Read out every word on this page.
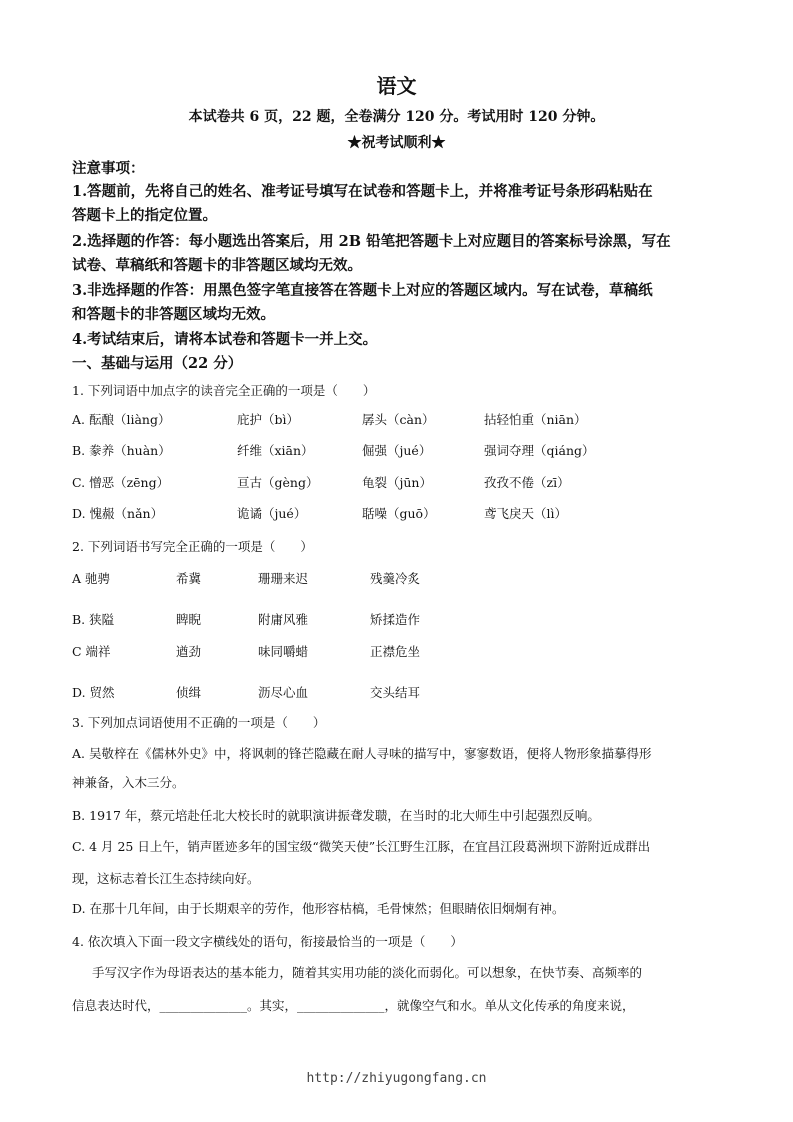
语文
本试卷共 6 页，22 题，全卷满分 120 分。考试用时 120 分钟。
★祝考试顺利★
注意事项：
1.答题前，先将自己的姓名、准考证号填写在试卷和答题卡上，并将准考证号条形码粘贴在
答题卡上的指定位置。
2.选择题的作答：每小题选出答案后，用 2B 铅笔把答题卡上对应题目的答案标号涂黑，写在
试卷、草稿纸和答题卡的非答题区域均无效。
3.非选择题的作答：用黑色签字笔直接答在答题卡上对应的答题区域内。写在试卷，草稿纸
和答题卡的非答题区域均无效。
4.考试结束后，请将本试卷和答题卡一并上交。
一、基础与运用（22 分）
1. 下列词语中加点字的读音完全正确的一项是（　　）
A. 酝酿（liàng）	庇护（bì）	孱头（càn）	拈轻怕重（niān）
B. 豢养（huàn）	纤维（xiān）	倔强（jué）	强词夺理（qiáng）
C. 憎恶（zēng）	亘古（gèng）	龟裂（jūn）	孜孜不倦（zī）
D. 愧赧（nǎn）	诡谲（jué）	聒噪（guō）	鸢飞戾天（lì）
2. 下列词语书写完全正确的一项是（　　）
A 驰骋	希冀	珊珊来迟	残羹冷炙
B. 狭隘	睥睨	附庸风雅	矫揉造作
C 端祥	遒劲	味同嚼蜡	正襟危坐
D. 贸然	侦缉	沥尽心血	交头结耳
3. 下列加点词语使用不正确的一项是（　　）
A. 吴敬梓在《儒林外史》中，将讽刺的锋芒隐藏在耐人寻味的描写中，寥寥数语，便将人物形象描摹得形
神兼备，入木三分。
B. 1917 年，蔡元培赴任北大校长时的就职演讲振聋发聩，在当时的北大师生中引起强烈反响。
C. 4 月 25 日上午，销声匿迹多年的国宝级“微笑天使”长江野生江豚，在宜昌江段葛洲坝下游附近成群出
现，这标志着长江生态持续向好。
D. 在那十几年间，由于长期艰辛的劳作，他形容枯槁，毛骨悚然；但眼睛依旧炯炯有神。
4. 依次填入下面一段文字横线处的语句，衔接最恰当的一项是（　　）
手写汉字作为母语表达的基本能力，随着其实用功能的淡化而弱化。可以想象，在快节奏、高频率的
信息表达时代，______________。其实，______________，就像空气和水。单从文化传承的角度来说，
http://zhiyugongfang.cn
